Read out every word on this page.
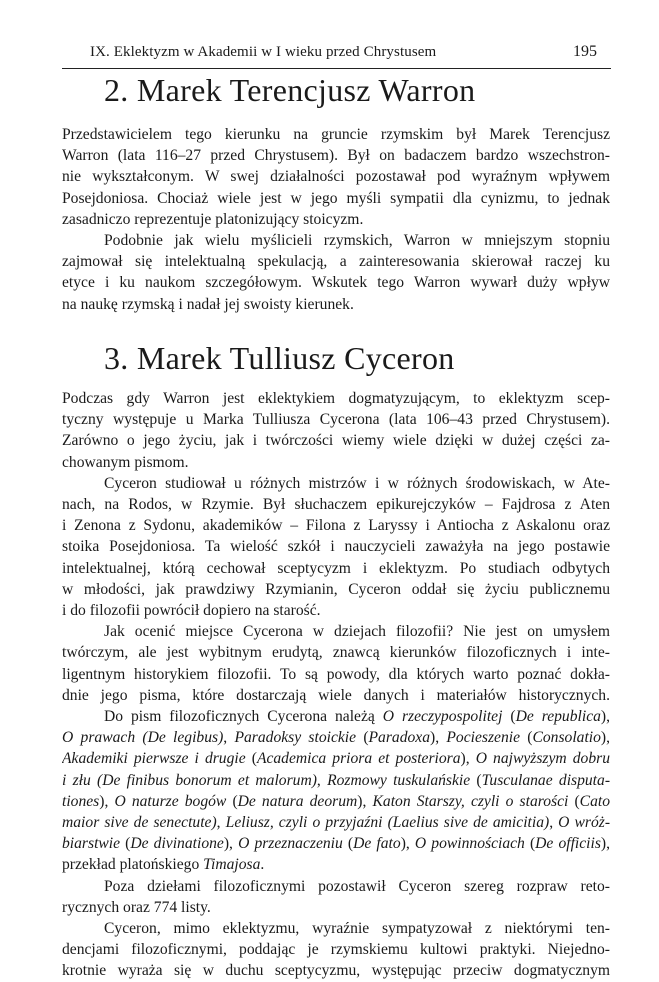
IX. Eklektyzm w Akademii w I wieku przed Chrystusem	195
2. Marek Terencjusz Warron

Przedstawicielem tego kierunku na gruncie rzymskim był Marek Terencjusz
Warron (lata 116–27 przed Chrystusem). Był on badaczem bardzo wszechstron-
nie wykształconym. W swej działalności pozostawał pod wyraźnym wpływem
Posejdoniosa. Chociaż wiele jest w jego myśli sympatii dla cynizmu, to jednak
zasadniczo reprezentuje platonizujący stoicyzm.

Podobnie jak wielu myślicieli rzymskich, Warron w mniejszym stopniu
zajmował się intelektualną spekulacją, a zainteresowania skierował raczej ku
etyce i ku naukom szczegółowym. Wskutek tego Warron wywarł duży wpływ
na naukę rzymską i nadał jej swoisty kierunek.

3. Marek Tulliusz Cyceron

Podczas gdy Warron jest eklektykiem dogmatyzującym, to eklektyzm scep-
tyczny występuje u Marka Tulliusza Cycerona (lata 106–43 przed Chrystusem).
Zarówno o jego życiu, jak i twórczości wiemy wiele dzięki w dużej części za-
chowanym pismom.

Cyceron studiował u różnych mistrzów i w różnych środowiskach, w Ate-
nach, na Rodos, w Rzymie. Był słuchaczem epikurejczyków – Fajdrosa z Aten
i Zenona z Sydonu, akademików – Filona z Laryssy i Antiocha z Askalonu oraz
stoika Posejdoniosa. Ta wielość szkół i nauczycieli zaważyła na jego postawie
intelektualnej, którą cechował sceptycyzm i eklektyzm. Po studiach odbytych
w młodości, jak prawdziwy Rzymianin, Cyceron oddał się życiu publicznemu
i do filozofii powrócił dopiero na starość.

Jak ocenić miejsce Cycerona w dziejach filozofii? Nie jest on umysłem
twórczym, ale jest wybitnym erudytą, znawcą kierunków filozoficznych i inte-
ligentnym historykiem filozofii. To są powody, dla których warto poznać dokła-
dnie jego pisma, które dostarczają wiele danych i materiałów historycznych.

Do pism filozoficznych Cycerona należą O rzeczypospolitej (De republica),
O prawach (De legibus), Paradoksy stoickie (Paradoxa), Pocieszenie (Consolatio),
Akademiki pierwsze i drugie (Academica priora et posteriora), O najwyższym dobru
i złu (De finibus bonorum et malorum), Rozmowy tuskulańskie (Tusculanae disputa-
tiones), O naturze bogów (De natura deorum), Katon Starszy, czyli o starości (Cato
maior sive de senectute), Leliusz, czyli o przyjaźni (Laelius sive de amicitia), O wróż-
biarstwie (De divinatione), O przeznaczeniu (De fato), O powinnościach (De officiis),
przekład platońskiego Timajosa.

Poza dziełami filozoficznymi pozostawił Cyceron szereg rozpraw reto-
rycznych oraz 774 listy.

Cyceron, mimo eklektyzmu, wyraźnie sympatyzował z niektórymi ten-
dencjami filozoficznymi, poddając je rzymskiemu kultowi praktyki. Niejedno-
krotnie wyraża się w duchu sceptycyzmu, występując przeciw dogmatycznym
